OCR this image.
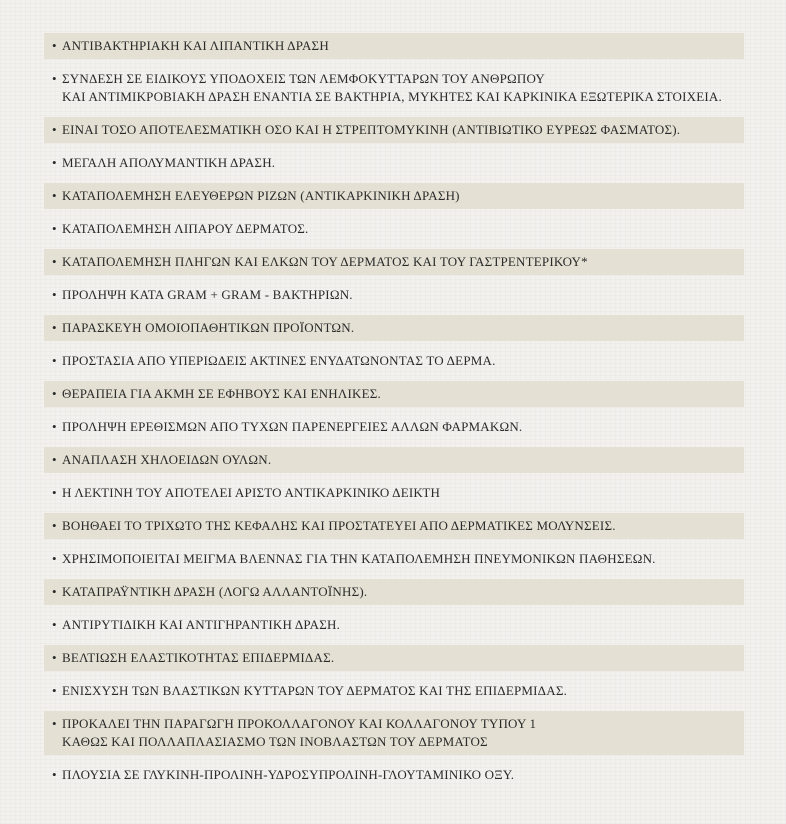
• ΑΝΤΙΒΑΚΤΗΡΙΑΚΗ ΚΑΙ ΛΙΠΑΝΤΙΚΗ ΔΡΑΣΗ
• ΣΥΝΔΕΣΗ ΣΕ ΕΙΔΙΚΟΥΣ ΥΠΟΔΟΧΕΙΣ ΤΩΝ ΛΕΜΦΟΚΥΤΤΑΡΩΝ ΤΟΥ ΑΝΘΡΩΠΟΥ
ΚΑΙ ΑΝΤΙΜΙΚΡΟΒΙΑΚΗ ΔΡΑΣΗ ΕΝΑΝΤΙΑ ΣΕ ΒΑΚΤΗΡΙΑ, ΜΥΚΗΤΕΣ ΚΑΙ ΚΑΡΚΙΝΙΚΑ ΕΞΩΤΕΡΙΚΑ ΣΤΟΙΧΕΙΑ.
• ΕΙΝΑΙ ΤΟΣΟ ΑΠΟΤΕΛΕΣΜΑΤΙΚΗ ΟΣΟ ΚΑΙ Η ΣΤΡΕΠΤΟΜΥΚΙΝΗ (ΑΝΤΙΒΙΩΤΙΚΟ ΕΥΡΕΩΣ ΦΑΣΜΑΤΟΣ).
• ΜΕΓΑΛΗ ΑΠΟΛΥΜΑΝΤΙΚΗ ΔΡΑΣΗ.
• ΚΑΤΑΠΟΛΕΜΗΣΗ ΕΛΕΥΘΕΡΩΝ ΡΙΖΩΝ (ΑΝΤΙΚΑΡΚΙΝΙΚΗ ΔΡΑΣΗ)
• ΚΑΤΑΠΟΛΕΜΗΣΗ ΛΙΠΑΡΟΥ ΔΕΡΜΑΤΟΣ.
• ΚΑΤΑΠΟΛΕΜΗΣΗ ΠΛΗΓΩΝ ΚΑΙ ΕΛΚΩΝ ΤΟΥ ΔΕΡΜΑΤΟΣ ΚΑΙ ΤΟΥ ΓΑΣΤΡΕΝΤΕΡΙΚΟΥ*
• ΠΡΟΛΗΨΗ ΚΑΤΑ GRAM + GRAM - ΒΑΚΤΗΡΙΩΝ.
• ΠΑΡΑΣΚΕΥΗ ΟΜΟΙΟΠΑΘΗΤΙΚΩΝ ΠΡΟΪΟΝΤΩΝ.
• ΠΡΟΣΤΑΣΙΑ ΑΠΟ ΥΠΕΡΙΩΔΕΙΣ ΑΚΤΙΝΕΣ ΕΝΥΔΑΤΩΝΟΝΤΑΣ ΤΟ ΔΕΡΜΑ.
• ΘΕΡΑΠΕΙΑ ΓΙΑ ΑΚΜΗ ΣΕ ΕΦΗΒΟΥΣ ΚΑΙ ΕΝΗΛΙΚΕΣ.
• ΠΡΟΛΗΨΗ ΕΡΕΘΙΣΜΩΝ ΑΠΟ ΤΥΧΩΝ ΠΑΡΕΝΕΡΓΕΙΕΣ ΑΛΛΩΝ ΦΑΡΜΑΚΩΝ.
• ΑΝΑΠΛΑΣΗ ΧΗΛΟΕΙΔΩΝ ΟΥΛΩΝ.
• Η ΛΕΚΤΙΝΗ ΤΟΥ ΑΠΟΤΕΛΕΙ ΑΡΙΣΤΟ ΑΝΤΙΚΑΡΚΙΝΙΚΟ ΔΕΙΚΤΗ
• ΒΟΗΘΑΕΙ ΤΟ ΤΡΙΧΩΤΟ ΤΗΣ ΚΕΦΑΛΗΣ ΚΑΙ ΠΡΟΣΤΑΤΕΥΕΙ ΑΠΟ ΔΕΡΜΑΤΙΚΕΣ ΜΟΛΥΝΣΕΙΣ.
• ΧΡΗΣΙΜΟΠΟΙΕΙΤΑΙ ΜΕΙΓΜΑ ΒΛΕΝΝΑΣ ΓΙΑ ΤΗΝ ΚΑΤΑΠΟΛΕΜΗΣΗ ΠΝΕΥΜΟΝΙΚΩΝ ΠΑΘΗΣΕΩΝ.
• ΚΑΤΑΠΡΑΫΝΤΙΚΗ ΔΡΑΣΗ (ΛΟΓΩ ΑΛΛΑΝΤΟΪΝΗΣ).
• ΑΝΤΙΡΥΤΙΔΙΚΗ ΚΑΙ ΑΝΤΙΓΗΡΑΝΤΙΚΗ ΔΡΑΣΗ.
• ΒΕΛΤΙΩΣΗ ΕΛΑΣΤΙΚΟΤΗΤΑΣ ΕΠΙΔΕΡΜΙΔΑΣ.
• ΕΝΙΣΧΥΣΗ ΤΩΝ ΒΛΑΣΤΙΚΩΝ ΚΥΤΤΑΡΩΝ ΤΟΥ ΔΕΡΜΑΤΟΣ ΚΑΙ ΤΗΣ ΕΠΙΔΕΡΜΙΔΑΣ.
• ΠΡΟΚΑΛΕΙ ΤΗΝ ΠΑΡΑΓΩΓΗ ΠΡΟΚΟΛΛΑΓΟΝΟΥ ΚΑΙ ΚΟΛΛΑΓΟΝΟΥ ΤΥΠΟΥ 1
ΚΑΘΩΣ ΚΑΙ ΠΟΛΛΑΠΛΑΣΙΑΣΜΟ ΤΩΝ ΙΝΟΒΛΑΣΤΩΝ ΤΟΥ ΔΕΡΜΑΤΟΣ
• ΠΛΟΥΣΙΑ ΣΕ ΓΛΥΚΙΝΗ-ΠΡΟΛΙΝΗ-ΥΔΡΟΣΥΠΡΟΛΙΝΗ-ΓΛΟΥΤΑΜΙΝΙΚΟ ΟΞΥ.
